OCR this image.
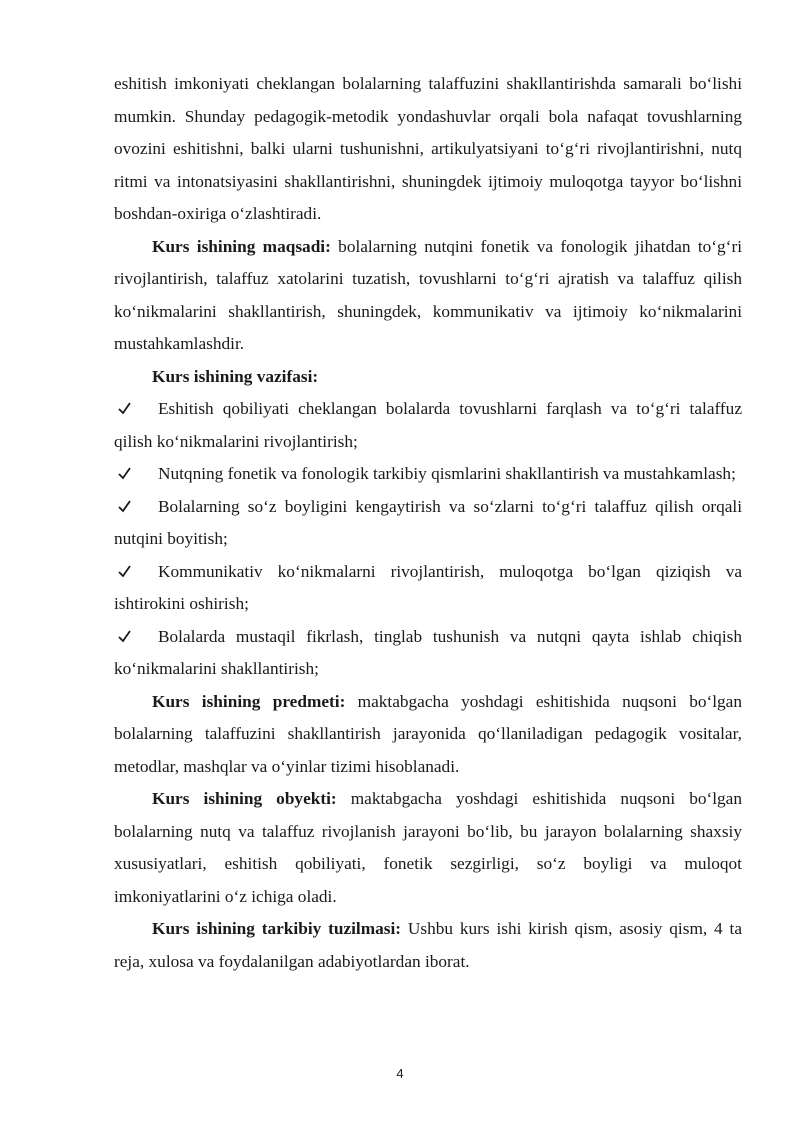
eshitish imkoniyati cheklangan bolalarning talaffuzini shakllantirishda samarali bo‘lishi mumkin. Shunday pedagogik-metodik yondashuvlar orqali bola nafaqat tovushlarning ovozini eshitishni, balki ularni tushunishni, artikulyatsiyani to‘g‘ri rivojlantirishni, nutq ritmi va intonatsiyasini shakllantirishni, shuningdek ijtimoiy muloqotga tayyor bo‘lishni boshdan-oxiriga o‘zlashtiradi.

Kurs ishining maqsadi: bolalarning nutqini fonetik va fonologik jihatdan to‘g‘ri rivojlantirish, talaffuz xatolarini tuzatish, tovushlarni to‘g‘ri ajratish va talaffuz qilish ko‘nikmalarini shakllantirish, shuningdek, kommunikativ va ijtimoiy ko‘nikmalarini mustahkamlashdir.

Kurs ishining vazifasi:

Eshitish qobiliyati cheklangan bolalarda tovushlarni farqlash va to‘g‘ri talaffuz qilish ko‘nikmalarini rivojlantirish;

Nutqning fonetik va fonologik tarkibiy qismlarini shakllantirish va mustahkamlash;

Bolalarning so‘z boyligini kengaytirish va so‘zlarni to‘g‘ri talaffuz qilish orqali nutqini boyitish;

Kommunikativ ko‘nikmalarni rivojlantirish, muloqotga bo‘lgan qiziqish va ishtirokini oshirish;

Bolalarda mustaqil fikrlash, tinglab tushunish va nutqni qayta ishlab chiqish ko‘nikmalarini shakllantirish;

Kurs ishining predmeti: maktabgacha yoshdagi eshitishida nuqsoni bo‘lgan bolalarning talaffuzini shakllantirish jarayonida qo‘llaniladigan pedagogik vositalar, metodlar, mashqlar va o‘yinlar tizimi hisoblanadi.

Kurs ishining obyekti: maktabgacha yoshdagi eshitishida nuqsoni bo‘lgan bolalarning nutq va talaffuz rivojlanish jarayoni bo‘lib, bu jarayon bolalarning shaxsiy xususiyatlari, eshitish qobiliyati, fonetik sezgirligi, so‘z boyligi va muloqot imkoniyatlarini o‘z ichiga oladi.

Kurs ishining tarkibiy tuzilmasi: Ushbu kurs ishi kirish qism, asosiy qism, 4 ta reja, xulosa va foydalanilgan adabiyotlardan iborat.

4
